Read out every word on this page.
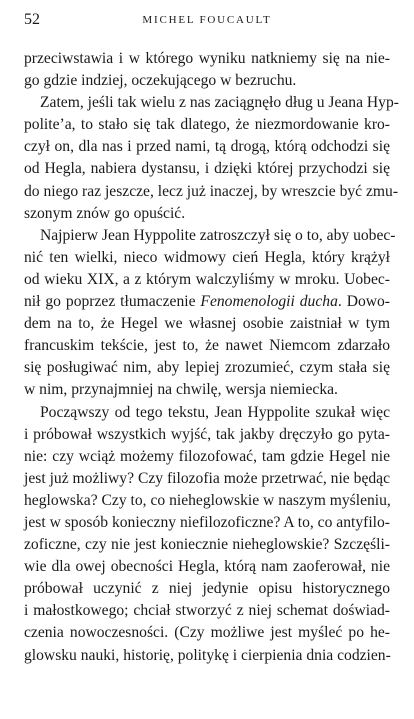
52	MICHEL FOUCAULT

przeciwstawia i w którego wyniku natkniemy się na nie-
go gdzie indziej, oczekującego w bezruchu.

Zatem, jeśli tak wielu z nas zaciągnęło dług u Jeana Hyp-
polite’a, to stało się tak dlatego, że niezmordowanie kro-
czył on, dla nas i przed nami, tą drogą, którą odchodzi się
od Hegla, nabiera dystansu, i dzięki której przychodzi się
do niego raz jeszcze, lecz już inaczej, by wreszcie być zmu-
szonym znów go opuścić.

Najpierw Jean Hyppolite zatroszczył się o to, aby uobec-
nić ten wielki, nieco widmowy cień Hegla, który krążył
od wieku XIX, a z którym walczyliśmy w mroku. Uobec-
nił go poprzez tłumaczenie Fenomenologii ducha. Dowo-
dem na to, że Hegel we własnej osobie zaistniał w tym
francuskim tekście, jest to, że nawet Niemcom zdarzało
się posługiwać nim, aby lepiej zrozumieć, czym stała się
w nim, przynajmniej na chwilę, wersja niemiecka.

Począwszy od tego tekstu, Jean Hyppolite szukał więc
i próbował wszystkich wyjść, tak jakby dręczyło go pyta-
nie: czy wciąż możemy filozofować, tam gdzie Hegel nie
jest już możliwy? Czy filozofia może przetrwać, nie będąc
heglowska? Czy to, co nieheglowskie w naszym myśleniu,
jest w sposób konieczny niefilozoficzne? A to, co antyfilo-
zoficzne, czy nie jest koniecznie nieheglowskie? Szczęśli-
wie dla owej obecności Hegla, którą nam zaoferował, nie
próbował uczynić z niej jedynie opisu historycznego
i małostkowego; chciał stworzyć z niej schemat doświad-
czenia nowoczesności. (Czy możliwe jest myśleć po he-
glowsku nauki, historię, politykę i cierpienia dnia codzien-
